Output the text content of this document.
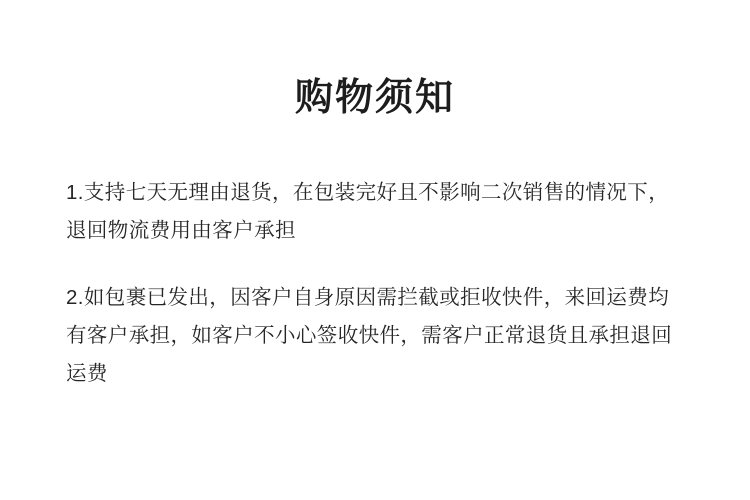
购物须知

1.支持七天无理由退货，在包装完好且不影响二次销售的情况下，退回物流费用由客户承担

2.如包裹已发出，因客户自身原因需拦截或拒收快件，来回运费均有客户承担，如客户不小心签收快件，需客户正常退货且承担退回运费
